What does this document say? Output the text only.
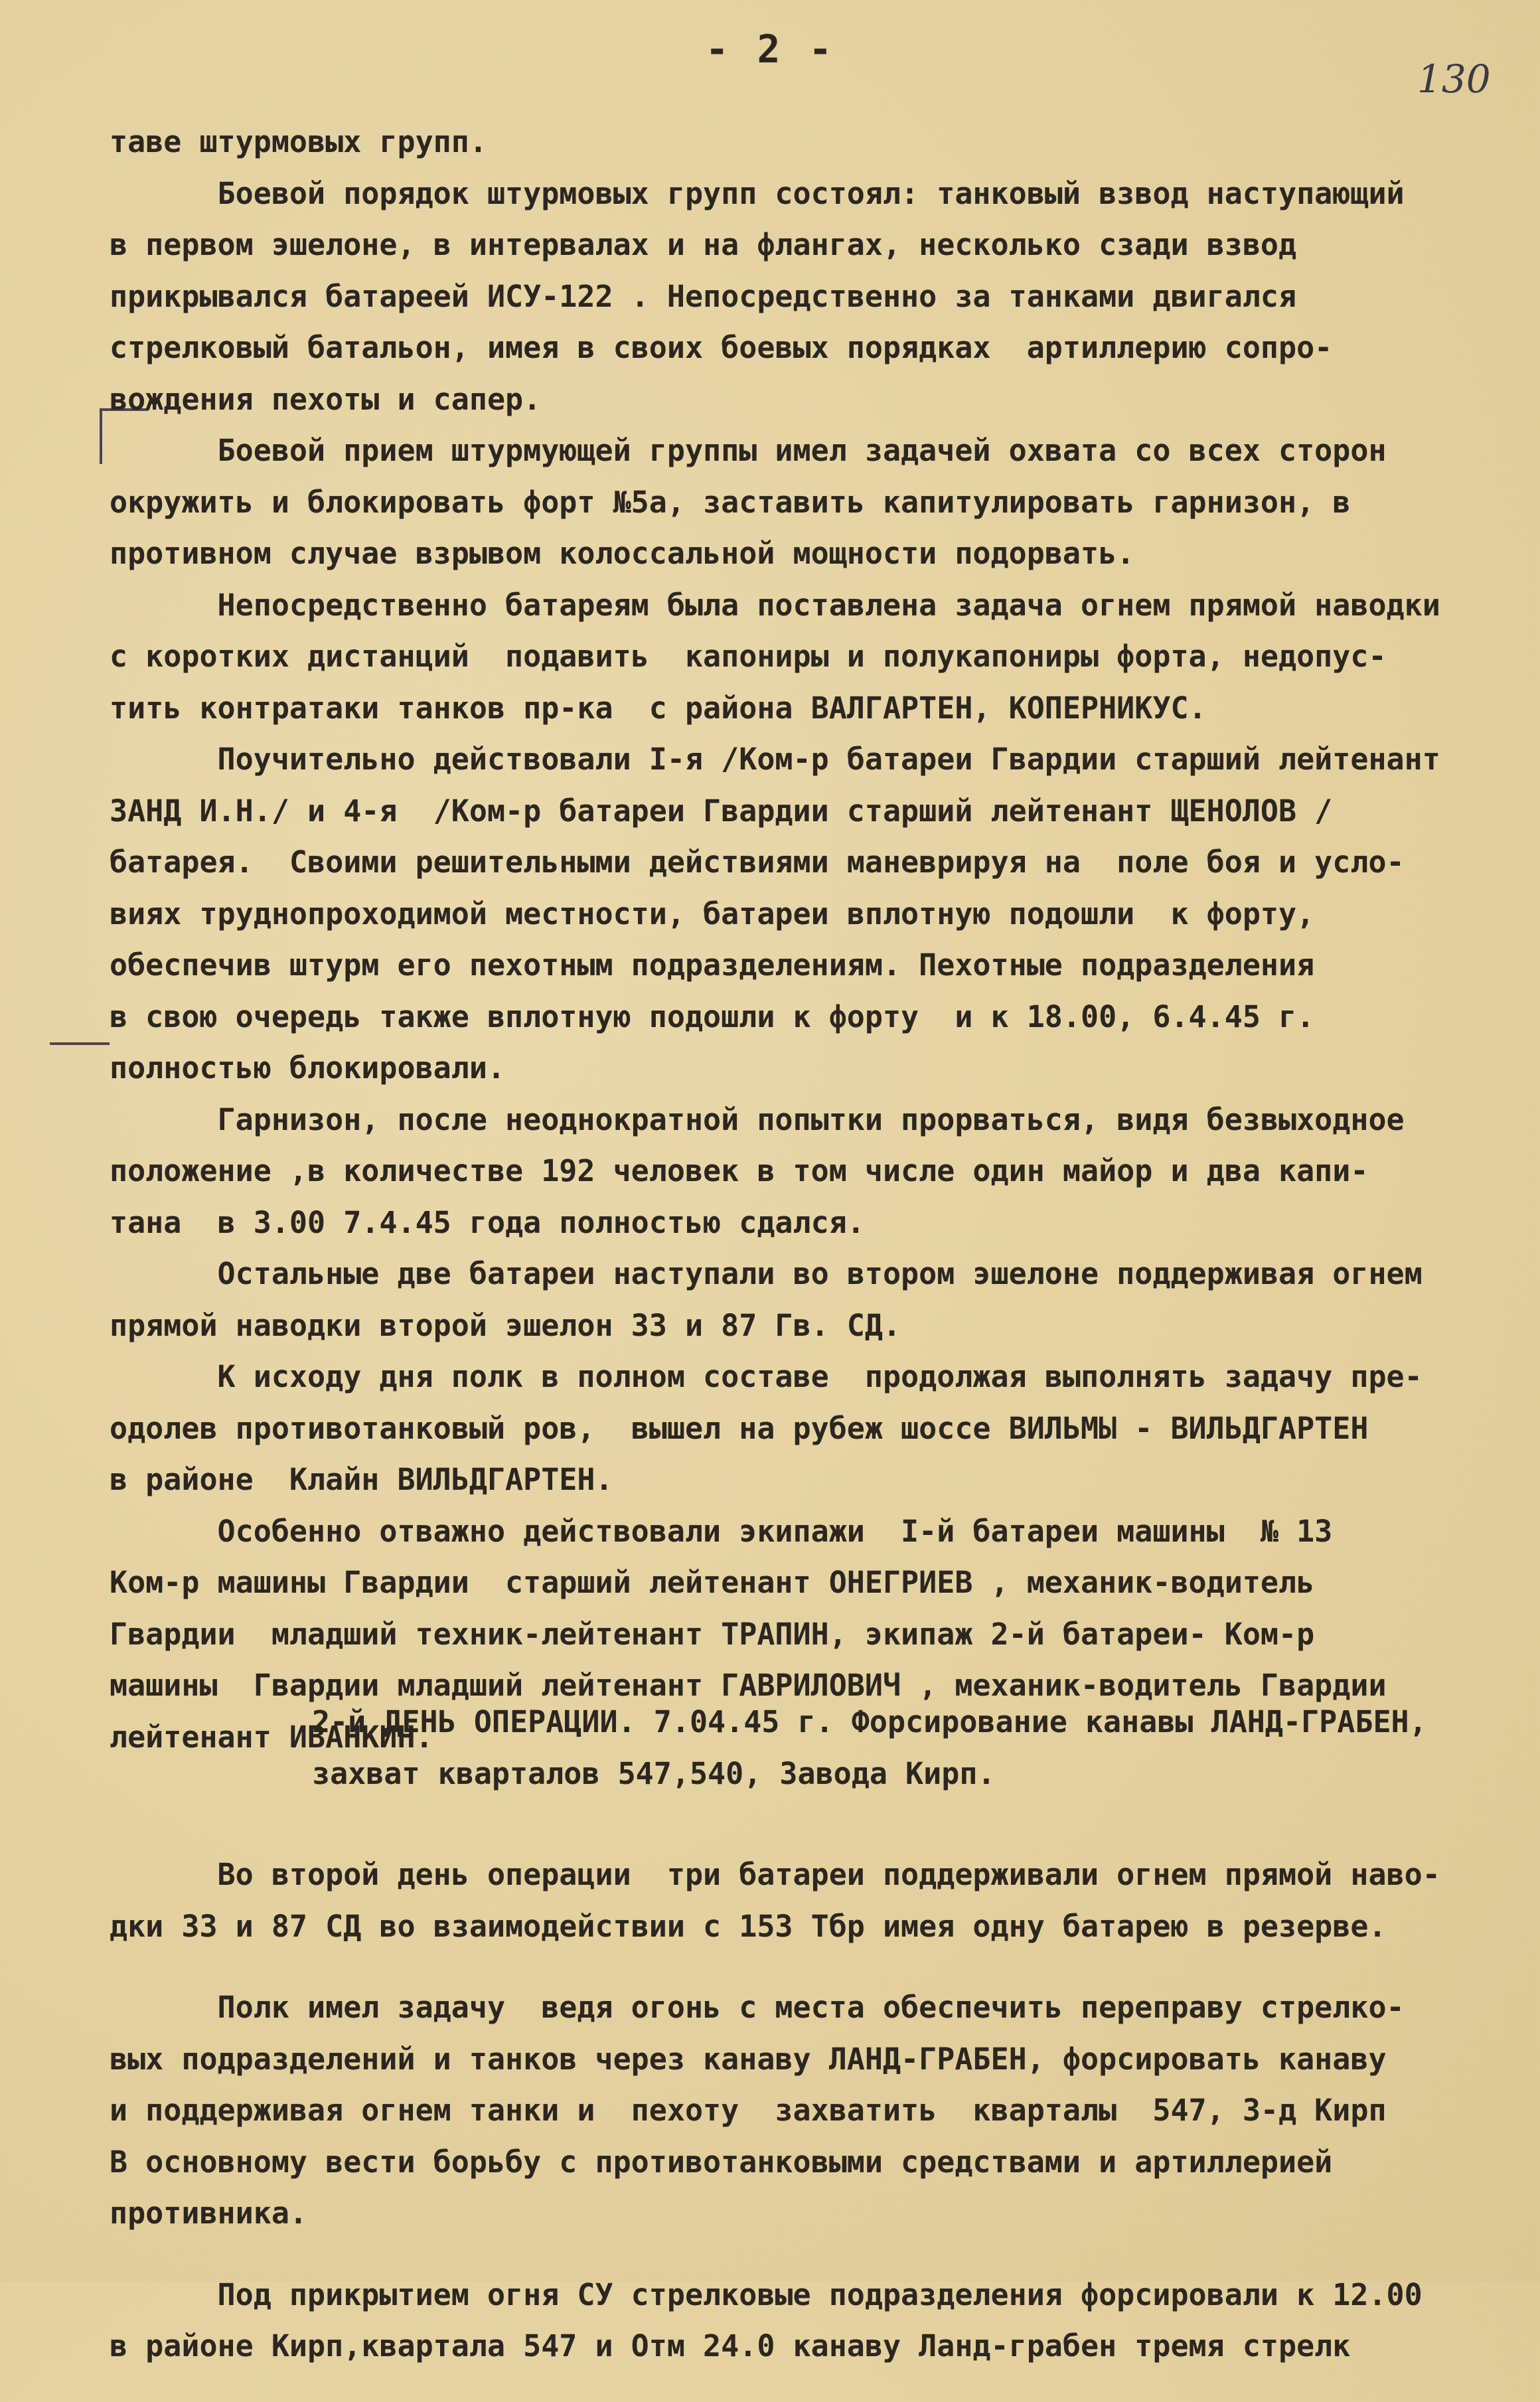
- 2 -
130

таве штурмовых групп.

Боевой порядок штурмовых групп состоял: танковый взвод наступающий
в первом эшелоне, в интервалах и на флангах, несколько сзади взвод
прикрывался батареей ИСУ-122 . Непосредственно за танками двигался
стрелковый батальон, имея в своих боевых порядках  артиллерию сопро-
вождения пехоты и сапер.

Боевой прием штурмующей группы имел задачей охвата со всех сторон
окружить и блокировать форт №5а, заставить капитулировать гарнизон, в
противном случае взрывом колоссальной мощности подорвать.

Непосредственно батареям была поставлена задача огнем прямой наводки
с коротких дистанций  подавить  капониры и полукапониры форта, недопус-
тить контратаки танков пр-ка  с района ВАЛГАРТЕН, КОПЕРНИКУС.

Поучительно действовали I-я /Ком-р батареи Гвардии старший лейтенант
ЗАНД И.Н./ и 4-я  /Ком-р батареи Гвардии старший лейтенант ЩЕНОЛОВ /
батарея.  Своими решительными действиями маневрируя на  поле боя и усло-
виях труднопроходимой местности, батареи вплотную подошли  к форту,
обеспечив штурм его пехотным подразделениям. Пехотные подразделения
в свою очередь также вплотную подошли к форту  и к 18.00, 6.4.45 г.
полностью блокировали.

Гарнизон, после неоднократной попытки прорваться, видя безвыходное
положение ,в количестве 192 человек в том числе один майор и два капи-
тана  в 3.00 7.4.45 года полностью сдался.

Остальные две батареи наступали во втором эшелоне поддерживая огнем
прямой наводки второй эшелон 33 и 87 Гв. СД.

К исходу дня полк в полном составе  продолжая выполнять задачу пре-
одолев противотанковый ров,  вышел на рубеж шоссе ВИЛЬМЫ - ВИЛЬДГАРТЕН
в районе  Клайн ВИЛЬДГАРТЕН.

Особенно отважно действовали экипажи  I-й батареи машины  № 13
Ком-р машины Гвардии  старший лейтенант ОНЕГРИЕВ , механик-водитель
Гвардии  младший техник-лейтенант ТРАПИН, экипаж 2-й батареи- Ком-р
машины  Гвардии младший лейтенант ГАВРИЛОВИЧ , механик-водитель Гвардии
лейтенант ИВАНКИН.

2-й ДЕНЬ ОПЕРАЦИИ. 7.04.45 г. Форсирование канавы ЛАНД-ГРАБЕН,
захват кварталов 547,540, Завода Кирп.

Во второй день операции  три батареи поддерживали огнем прямой наво-
дки 33 и 87 СД во взаимодействии с 153 Тбр имея одну батарею в резерве.

Полк имел задачу  ведя огонь с места обеспечить переправу стрелко-
вых подразделений и танков через канаву ЛАНД-ГРАБЕН, форсировать канаву
и поддерживая огнем танки и  пехоту  захватить  кварталы  547, З-д Кирп
В основному вести борьбу с противотанковыми средствами и артиллерией
противника.

Под прикрытием огня СУ стрелковые подразделения форсировали к 12.00
в районе Кирп,квартала 547 и Отм 24.0 канаву Ланд-грабен тремя стрелк
